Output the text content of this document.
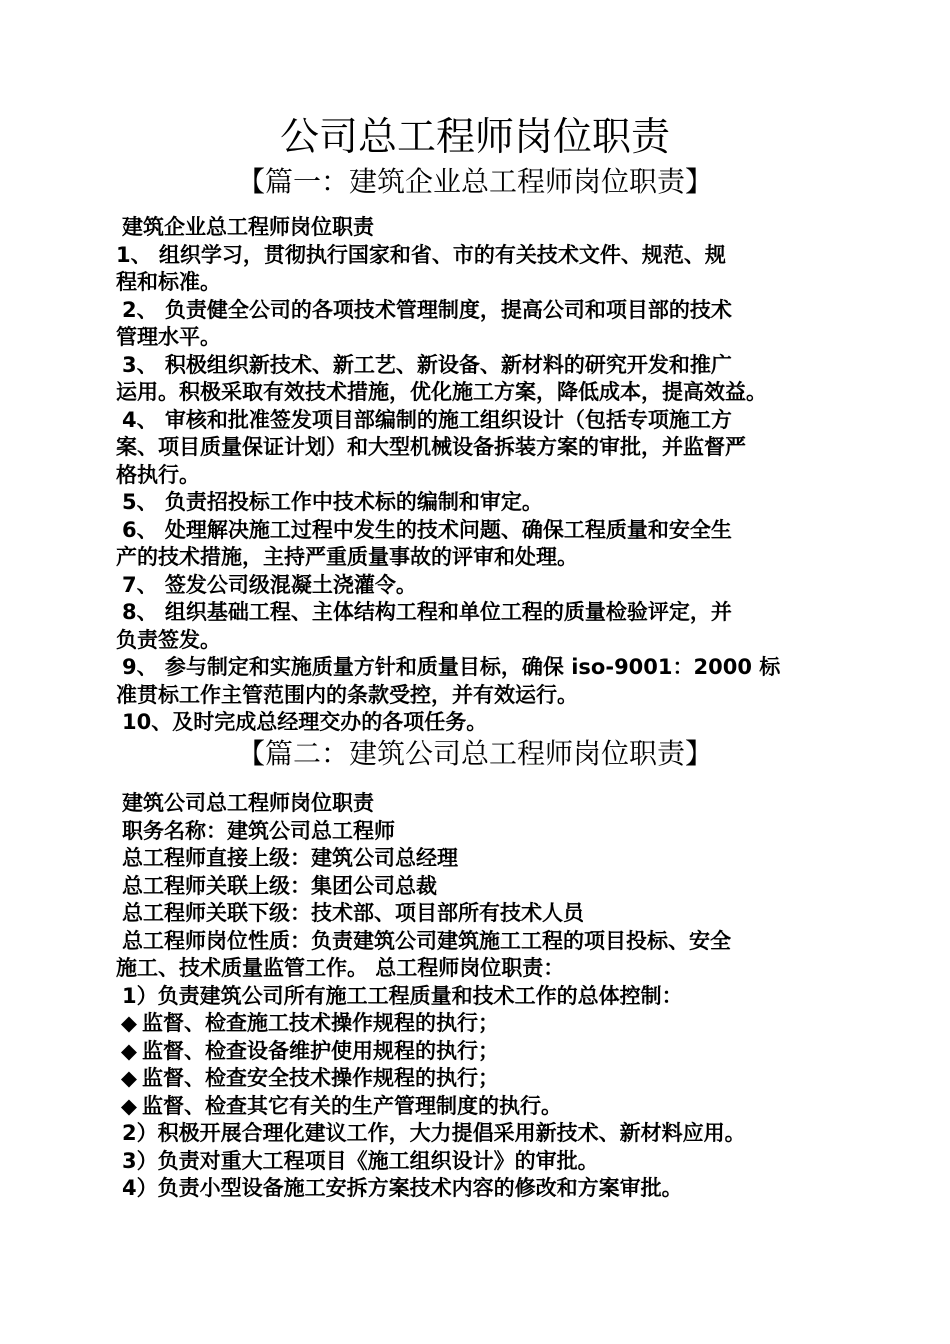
公司总工程师岗位职责
【篇一：建筑企业总工程师岗位职责】
建筑企业总工程师岗位职责
1、 组织学习，贯彻执行国家和省、市的有关技术文件、规范、规
程和标准。
2、 负责健全公司的各项技术管理制度，提高公司和项目部的技术
管理水平。
3、 积极组织新技术、新工艺、新设备、新材料的研究开发和推广
运用。积极采取有效技术措施，优化施工方案，降低成本，提高效益。
4、 审核和批准签发项目部编制的施工组织设计（包括专项施工方
案、项目质量保证计划）和大型机械设备拆装方案的审批，并监督严
格执行。
5、 负责招投标工作中技术标的编制和审定。
6、 处理解决施工过程中发生的技术问题、确保工程质量和安全生
产的技术措施，主持严重质量事故的评审和处理。
7、 签发公司级混凝土浇灌令。
8、 组织基础工程、主体结构工程和单位工程的质量检验评定，并
负责签发。
9、 参与制定和实施质量方针和质量目标，确保 iso-9001：2000 标
准贯标工作主管范围内的条款受控，并有效运行。
10、及时完成总经理交办的各项任务。
【篇二：建筑公司总工程师岗位职责】
建筑公司总工程师岗位职责
职务名称：建筑公司总工程师
总工程师直接上级：建筑公司总经理
总工程师关联上级：集团公司总裁
总工程师关联下级：技术部、项目部所有技术人员
总工程师岗位性质：负责建筑公司建筑施工工程的项目投标、安全
施工、技术质量监管工作。 总工程师岗位职责：
1）负责建筑公司所有施工工程质量和技术工作的总体控制：
◆ 监督、检查施工技术操作规程的执行；
◆ 监督、检查设备维护使用规程的执行；
◆ 监督、检查安全技术操作规程的执行；
◆ 监督、检查其它有关的生产管理制度的执行。
2）积极开展合理化建议工作，大力提倡采用新技术、新材料应用。
3）负责对重大工程项目《施工组织设计》的审批。
4）负责小型设备施工安拆方案技术内容的修改和方案审批。
